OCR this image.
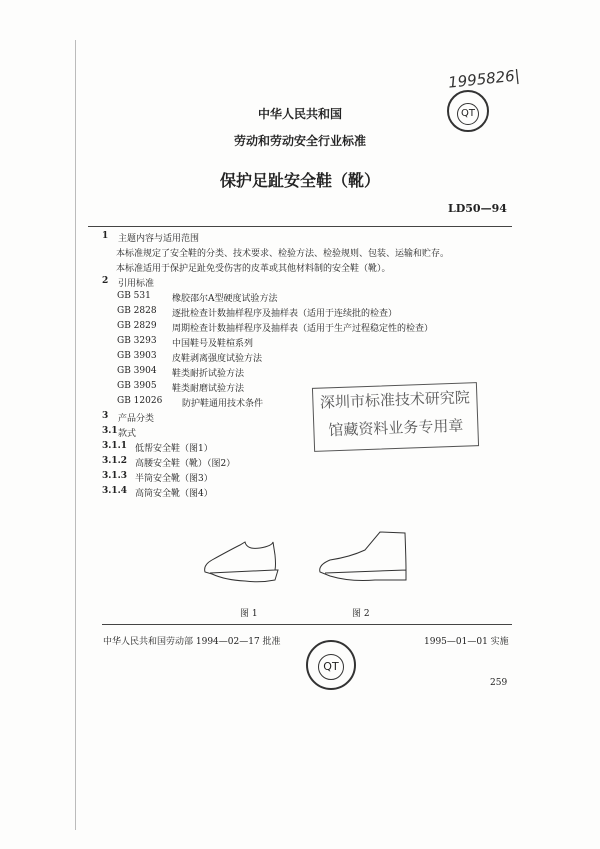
1995826|
QT
中华人民共和国
劳动和劳动安全行业标准
保护足趾安全鞋（靴）
LD50—94
1 主题内容与适用范围
本标准规定了安全鞋的分类、技术要求、检验方法、检验规则、包装、运输和贮存。
本标准适用于保护足趾免受伤害的皮革或其他材料制的安全鞋（靴）。
2 引用标准
GB 531 橡胶邵尔A型硬度试验方法
GB 2828 逐批检查计数抽样程序及抽样表（适用于连续批的检查）
GB 2829 周期检查计数抽样程序及抽样表（适用于生产过程稳定性的检查）
GB 3293 中国鞋号及鞋楦系列
GB 3903 皮鞋剥离强度试验方法
GB 3904 鞋类耐折试验方法
GB 3905 鞋类耐磨试验方法
GB 12026 防护鞋通用技术条件
3 产品分类
3.1 款式
3.1.1 低帮安全鞋（图1）
3.1.2 高腰安全鞋（靴）（图2）
3.1.3 半筒安全靴（图3）
3.1.4 高筒安全靴（图4）
深圳市标准技术研究院
馆藏资料业务专用章
图 1	图 2
中华人民共和国劳动部 1994—02—17 批准	1995—01—01 实施
QT
259
